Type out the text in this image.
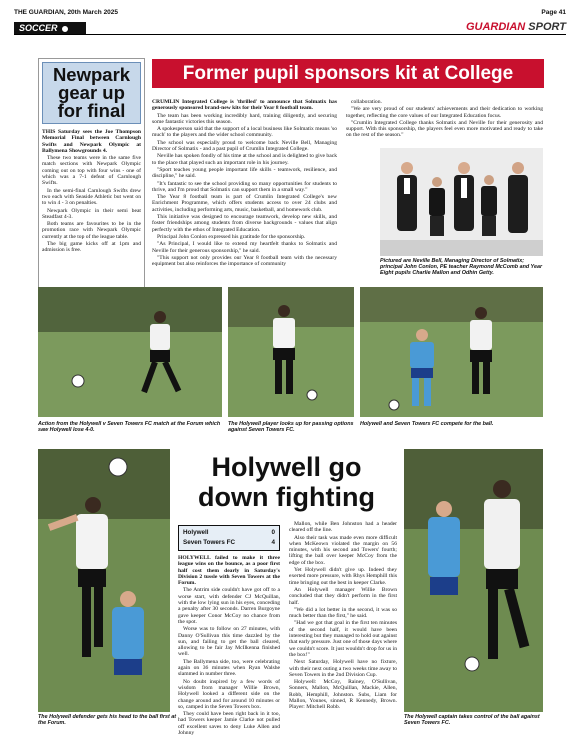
THE GUARDIAN, 20th March 2025	Page 41
SOCCER	GUARDIAN SPORT
Newpark gear up for final

THIS Saturday sees the Joe Thompson Memorial Final between Carnlough Swifts and Newpark Olympic at Ballymena Showgrounds 4.

These two teams were in the same five match sections with Newpark Olympic coming out on top with four wins - one of which was a 7-1 defeat of Carnlough Swifts.

In the semi-final Carnlough Swifts drew two each with Seaside Athletic but went on to win 4 - 3 on penalties.

Newpark Olympic in their semi beat Steadfast 4-3.

Both teams are favourites to be in the promotion race with Newpark Olympic currently at the top of the league table.

The big game kicks off at 1pm and admission is free.

Former pupil sponsors kit at College

CRUMLIN Integrated College is 'thrilled' to announce that Solmatix has generously sponsored brand-new kits for their Year 8 football team.

The team has been working incredibly hard, training diligently, and securing some fantastic victories this season.

A spokesperson said that the support of a local business like Solmatix means 'so much' to the players and the wider school community.

The school was especially proud to welcome back Neville Bell, Managing Director of Solmatix - and a past pupil of Crumlin Integrated College.

Neville has spoken fondly of his time at the school and is delighted to give back to the place that played such an important role in his journey.

"Sport teaches young people important life skills - teamwork, resilience, and discipline," he said.

"It's fantastic to see the school providing so many opportunities for students to thrive, and I'm proud that Solmatix can support them in a small way."

The Year 8 football team is part of Crumlin Integrated College's new Enrichment Programme, which offers students access to over 24 clubs and activities, including performing arts, music, basketball, and homework club.

This initiative was designed to encourage teamwork, develop new skills, and foster friendships among students from diverse backgrounds - values that align perfectly with the ethos of Integrated Education.

Principal John Conlon expressed his gratitude for the sponsorship.

"As Principal, I would like to extend my heartfelt thanks to Solmatix and Neville for their generous sponsorship," he said.

"This support not only provides our Year 8 football team with the necessary equipment but also reinforces the importance of community

collaboration.

"We are very proud of our students' achievements and their dedication to working together, reflecting the core values of our Integrated Education focus.

"Crumlin Integrated College thanks Solmatix and Neville for their generosity and support. With this sponsorship, the players feel even more motivated and ready to take on the rest of the season."

Pictured are Neville Bell, Managing Director of Solmatix; principal John Conlon, PE teacher Raymond McComb and Year Eight pupils Charlie Mallon and Odhin Getty.
Action from the Holywell v Seven Towers FC match at the Forum which saw Holywell lose 4-0.
The Holywell player looks up for passing options against Seven Towers FC.
Holywell and Seven Towers FC compete for the ball.
The Holywell defender gets his head to the ball first at the Forum.
Holywell go
down fighting
Holywell	0
Seven Towers FC	4

HOLYWELL failed to make it three league wins on the bounce, as a poor first half cost them dearly in Saturday's Division 2 tussle with Seven Towers at the Forum.

The Antrim side couldn't have got off to a worse start, with defender CJ McQuillan, with the low lying sun in his eyes, conceding a penalty after 30 seconds. Darren Burgoyne gave keeper Conor McCoy no chance from the spot.

Worse was to follow on 27 minutes, with Danny O'Sullivan this time dazzled by the sun, and failing to get the ball cleared, allowing to be fair Jay McIlkenna finished well.

The Ballymena side, too, were celebrating again on 36 minutes when Ryan Walshe slammed in number three.

No doubt inspired by a few words of wisdom from manager Willie Brown, Holywell looked a different side on the change around and for around 10 minutes or so, camped in the Seven Towers box.

They could have been right back in it too, had Towers keeper Jamie Clarke not pulled off excellent saves to deny Luke Allen and Johnny

Mallon, while Ben Johnston had a header cleared off the line.

Also their task was made even more difficult when McKeown violated the margin on 56 minutes, with his second and Towers' fourth; lifting the ball over keeper McCoy from the edge of the box.

Yet Holywell didn't give up. Indeed they exerted more pressure, with Rhys Hemphill this time bringing out the best in keeper Clarke.

An Holywell manager Willie Brown concluded that they didn't perform in the first half.

"We did a lot better in the second, it was so much better than the first," he said.

"Had we got that goal in the first ten minutes of the second half, it would have been interesting but they managed to hold out against that early pressure. Just one of those days where we couldn't score. It just wouldn't drop for us in the box!"

Next Saturday, Holywell have no fixture, with their next outing a two weeks time away to Seven Towers in the 2nd Division Cup.

Holywell: McCoy, Rainey, O'Sullivan, Sonners, Mallon, McQuillan, Mackie, Allen, Robb, Hemphill, Johnston. Subs, Liam for Mallon, Younes, sinned, R Kennedy, Brown. Player: Mitchell Robb.

The Holywell captain takes control of the ball against Seven Towers FC.
